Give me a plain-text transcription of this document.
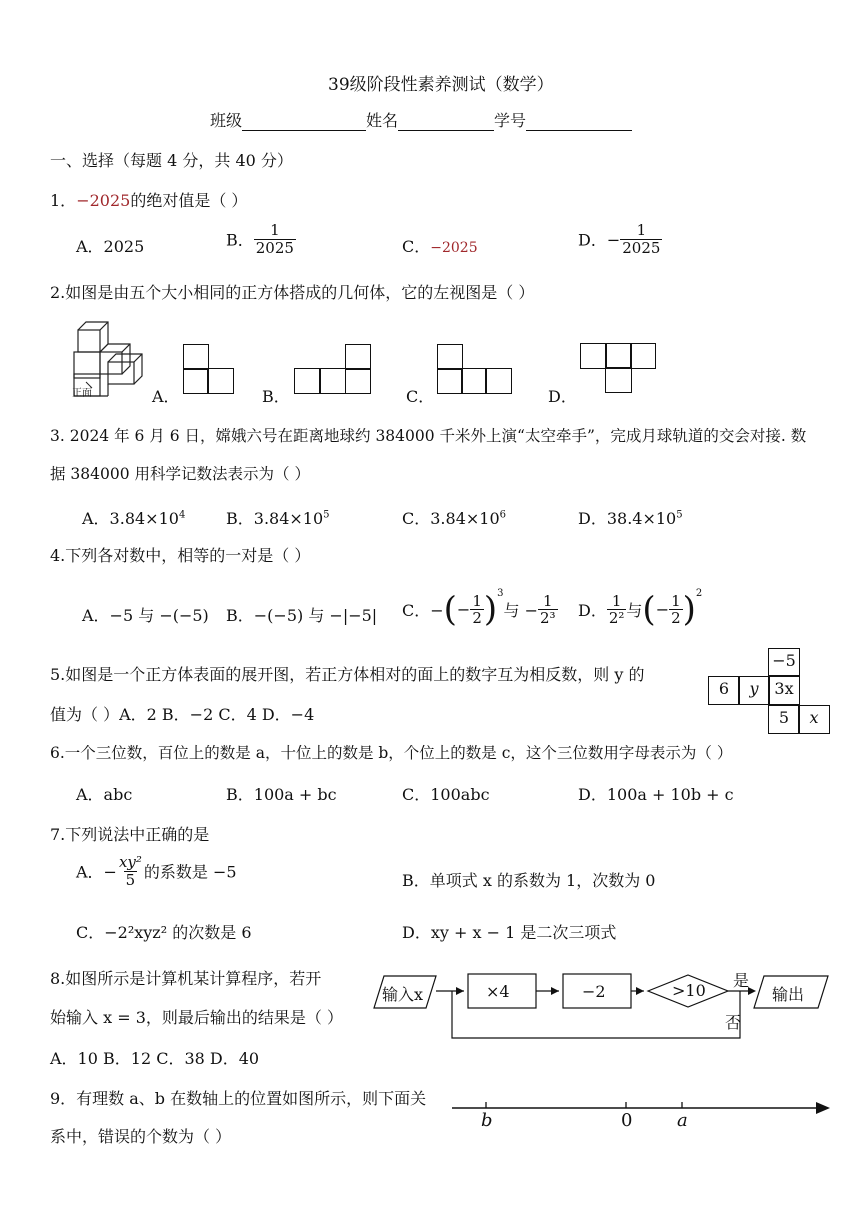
39级阶段性素养测试（数学）
班级	姓名	学号
一、选择（每题 4 分，共 40 分）
1．−2025的绝对值是（ ）
A．2025	B． $\frac{1}{2025}$	C．−2025	D．− $\frac{1}{2025}$
2.如图是由五个大小相同的正方体搭成的几何体，它的左视图是（ ）
正面	A．	B．	C．	D．
3. 2024 年 6 月 6 日，嫦娥六号在距离地球约 384000 千米外上演“太空牵手”，完成月球轨道的交会对接. 数
据 384000 用科学记数法表示为（ ）
A．$3.84\times 10^4$	B．$3.84\times 10^5$	C．$3.84\times 10^6$	D．$38.4\times 10^5$
4.下列各对数中，相等的一对是（ ）
A．−5 与 −(−5) B．−(−5) 与 −|−5| C．−(− $\frac{1}{2} )^3$与 − $\frac{1}{\text{2³}}$ D． $\frac{1}{\text{2²}}$ 与(− $\frac{1}{2} )^2$
5.如图是一个正方体表面的展开图，若正方体相对的面上的数字互为相反数，则 y 的
值为（ ）A．2 B．−2 C．4 D．−4
−5
6	y 3x
5	x
6.一个三位数，百位上的数是 a，十位上的数是 b，个位上的数是 c，这个三位数用字母表示为（ ）
A．abc	B．100a + bc	C．100abc	D．100a + 10b + c
7.下列说法中正确的是
A．− $\frac{\text{xy²}}{5}$ 的系数是 −5	B．单项式 x 的系数为 1，次数为 0
C．−2²xyz² 的次数是 6	D．xy + x − 1 是二次三项式
8.如图所示是计算机某计算程序，若开
始输入 x = 3，则最后输出的结果是（ ）
A．10 B．12 C．38 D．40
输入x	×4	−2	>10
是
否
输出
9．有理数 a、b 在数轴上的位置如图所示，则下面关
系中，错误的个数为（ ）
b	0 a
